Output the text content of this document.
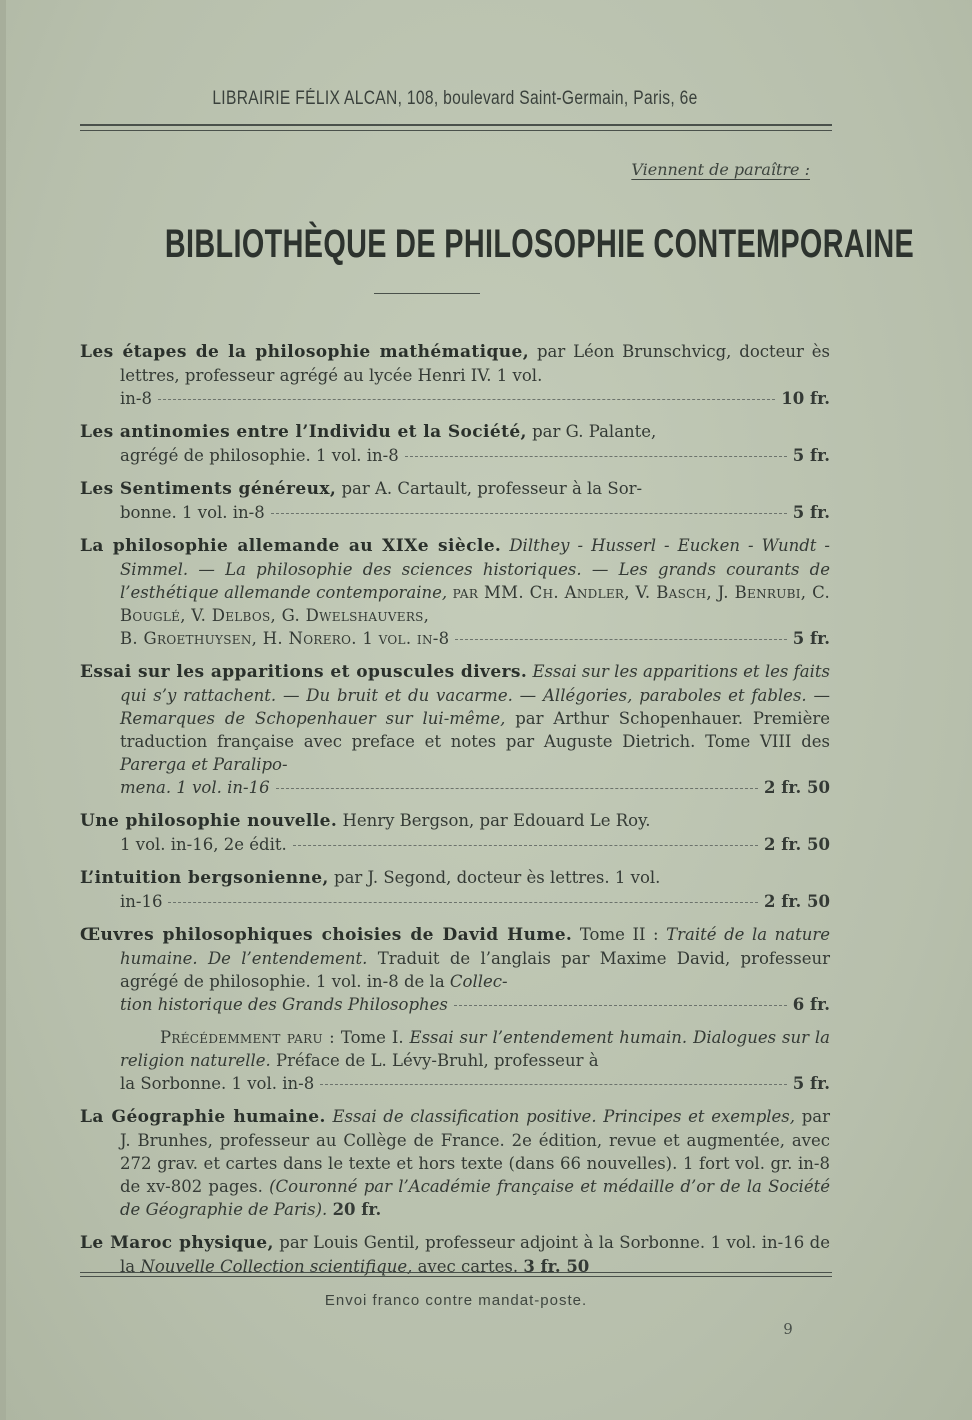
LIBRAIRIE FÉLIX ALCAN, 108, boulevard Saint-Germain, Paris, 6e
Viennent de paraître :
BIBLIOTHÈQUE DE PHILOSOPHIE CONTEMPORAINE
Les étapes de la philosophie mathématique, par Léon Brunschvicg, docteur ès lettres, professeur agrégé au lycée Henri IV. 1 vol.
in-8	10 fr.
Les antinomies entre l’Individu et la Société, par G. Palante,
agrégé de philosophie. 1 vol. in-8	5 fr.
Les Sentiments généreux, par A. Cartault, professeur à la Sor-
bonne. 1 vol. in-8	5 fr.
La philosophie allemande au XIXe siècle. Dilthey - Husserl - Eucken - Wundt - Simmel. — La philosophie des sciences historiques. — Les grands courants de l’esthétique allemande contemporaine, par MM. Ch. Andler, V. Basch, J. Benrubi, C. Bouglé, V. Delbos, G. Dwelshauvers,
B. Groethuysen, H. Norero. 1 vol. in-8	5 fr.
Essai sur les apparitions et opuscules divers. Essai sur les apparitions et les faits qui s’y rattachent. — Du bruit et du vacarme. — Allégories, paraboles et fables. — Remarques de Schopenhauer sur lui-même, par Arthur Schopenhauer. Première traduction française avec preface et notes par Auguste Dietrich. Tome VIII des Parerga et Paralipo-
mena. 1 vol. in-16	2 fr. 50
Une philosophie nouvelle. Henry Bergson, par Edouard Le Roy.
1 vol. in-16, 2e édit.	2 fr. 50
L’intuition bergsonienne, par J. Segond, docteur ès lettres. 1 vol.
in-16	2 fr. 50
Œuvres philosophiques choisies de David Hume. Tome II : Traité de la nature humaine. De l’entendement. Traduit de l’anglais par Maxime David, professeur agrégé de philosophie. 1 vol. in-8 de la Collec-
tion historique des Grands Philosophes	6 fr.
Précédemment paru : Tome I. Essai sur l’entendement humain. Dialogues sur la religion naturelle. Préface de L. Lévy-Bruhl, professeur à
la Sorbonne. 1 vol. in-8	5 fr.
La Géographie humaine. Essai de classification positive. Principes et exemples, par J. Brunhes, professeur au Collège de France. 2e édition, revue et augmentée, avec 272 grav. et cartes dans le texte et hors texte (dans 66 nouvelles). 1 fort vol. gr. in-8 de xv-802 pages. (Couronné par l’Académie française et médaille d’or de la Société de Géographie de Paris). 20 fr.
Le Maroc physique, par Louis Gentil, professeur adjoint à la Sorbonne. 1 vol. in-16 de la Nouvelle Collection scientifique, avec cartes. 3 fr. 50
Envoi franco contre mandat-poste.
9
